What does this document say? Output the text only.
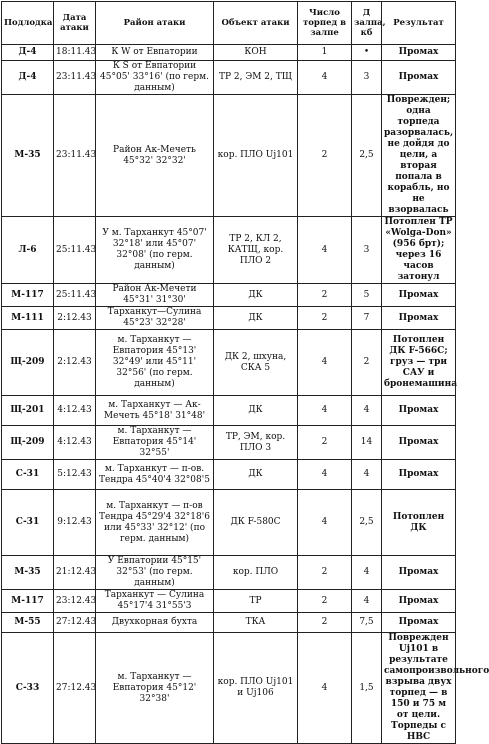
Подлодка	Дата атаки	Район атаки	Объект атаки	Число торпед в залпе	Д залпа, кб	Результат
Д-4	18:11.43	К W от Евпатории	КОН	1	•	Промах
Д-4	23:11.43	К S от Евпатории 45°05' 33°16' (по герм. данным)	ТР 2, ЭМ 2, ТЩ	4	3	Промах
М-35	23:11.43	Район Ак-Мечеть 45°32' 32°32'	кор. ПЛО Uj101	2	2,5	Поврежден; одна торпеда разорвалась, не дойдя до цели, а вторая попала в корабль, но не взорвалась
Л-6	25:11.43	У м. Тарханкут 45°07' 32°18' или 45°07' 32°08' (по герм. данным)	ТР 2, КЛ 2, КАТЩ, кор. ПЛО 2	4	3	Потоплен ТР «Wolga-Don» (956 брт); через 16 часов затонул
М-117	25:11.43	Район Ак-Мечети 45°31' 31°30'	ДК	2	5	Промах
М-111	2:12.43	Тарханкут—Сулина 45°23' 32°28'	ДК	2	7	Промах
Щ-209	2:12.43	м. Тарханкут — Евпатория 45°13' 32°49' или 45°11' 32°56' (по герм. данным)	ДК 2, шхуна, СКА 5	4	2	Потоплен ДК F-566C; груз — три САУ и бронемашина
Щ-201	4:12.43	м. Тарханкут — Ак-Мечеть 45°18' 31°48'	ДК	4	4	Промах
Щ-209	4:12.43	м. Тарханкут — Евпатория 45°14' 32°55'	ТР, ЭМ, кор. ПЛО 3	2	14	Промах
С-31	5:12.43	м. Тарханкут — п-ов. Тендра 45°40'4 32°08'5	ДК	4	4	Промах
С-31	9:12.43	м. Тарханкут — п-ов Тендра 45°29'4 32°18'6 или 45°33' 32°12' (по герм. данным)	ДК F-580C	4	2,5	Потоплен ДК
М-35	21:12.43	У Евпатории 45°15' 32°53' (по герм. данным)	кор. ПЛО	2	4	Промах
М-117	23:12.43	Тарханкут — Сулина 45°17'4 31°55'3	ТР	2	4	Промах
М-55	27:12.43	Двухкорная бухта	ТКА	2	7,5	Промах
С-33	27:12.43	м. Тарханкут — Евпатория 45°12' 32°38'	кор. ПЛО Uj101 и Uj106	4	1,5	Поврежден Uj101 в результате самопроизвольного взрыва двух торпед — в 150 и 75 м от цели. Торпеды с НВС
